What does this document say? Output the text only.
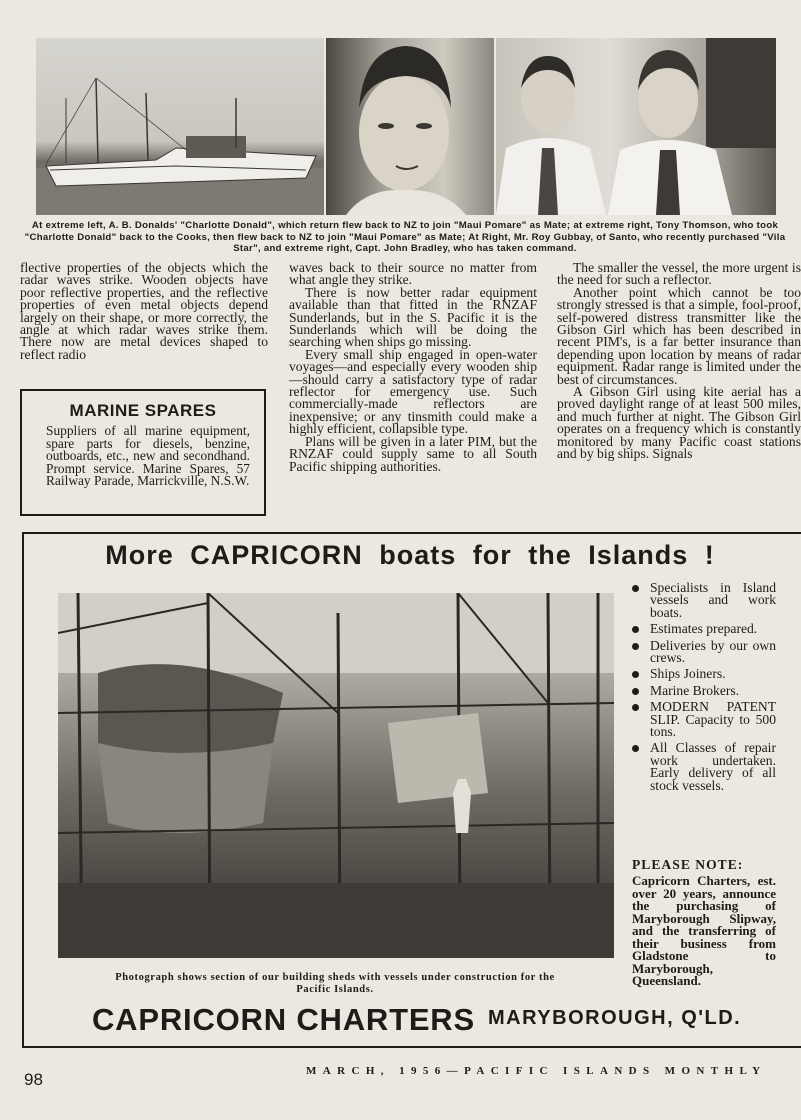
At extreme left, A. B. Donalds' "Charlotte Donald", which return flew back to NZ to join "Maui Pomare" as Mate; at extreme right, Tony Thomson, who took "Charlotte Donald" back to the Cooks, then flew back to NZ to join "Maui Pomare" as Mate; At Right, Mr. Roy Gubbay, of Santo, who recently purchased "Vila Star", and extreme right, Capt. John Bradley, who has taken command.

flective properties of the objects which the radar waves strike. Wooden objects have poor reflective properties, and the reflective properties of even metal objects depend largely on their shape, or more correctly, the angle at which radar waves strike them. There now are metal devices shaped to reflect radio

MARINE SPARES
Suppliers of all marine equipment, spare parts for diesels, benzine, outboards, etc., new and secondhand. Prompt service. Marine Spares, 57 Railway Parade, Marrickville, N.S.W.

waves back to their source no matter from what angle they strike.

There is now better radar equipment available than that fitted in the RNZAF Sunderlands, but in the S. Pacific it is the Sunderlands which will be doing the searching when ships go missing.

Every small ship engaged in open-water voyages—and especially every wooden ship—should carry a satisfactory type of radar reflector for emergency use. Such commercially-made reflectors are inexpensive; or any tinsmith could make a highly efficient, collapsible type.

Plans will be given in a later PIM, but the RNZAF could supply same to all South Pacific shipping authorities.

The smaller the vessel, the more urgent is the need for such a reflector.

Another point which cannot be too strongly stressed is that a simple, fool-proof, self-powered distress transmitter like the Gibson Girl which has been described in recent PIM's, is a far better insurance than depending upon location by means of radar equipment. Radar range is limited under the best of circumstances.

A Gibson Girl using kite aerial has a proved daylight range of at least 500 miles, and much further at night. The Gibson Girl operates on a frequency which is constantly monitored by many Pacific coast stations and by big ships. Signals

More CAPRICORN boats for the Islands !
Photograph shows section of our building sheds with vessels under construction for the Pacific Islands.
Specialists in Island vessels and work boats.
Estimates prepared.
Deliveries by our own crews.
Ships Joiners.
Marine Brokers.
MODERN PATENT SLIP. Capacity to 500 tons.
All Classes of repair work undertaken. Early delivery of all stock vessels.
PLEASE NOTE:
Capricorn Charters, est. over 20 years, announce the purchasing of Maryborough Slipway, and the transferring of their business from Gladstone to Maryborough, Queensland.
CAPRICORN CHARTERS MARYBOROUGH, Q'LD.
98	MARCH, 1956—PACIFIC ISLANDS MONTHLY
